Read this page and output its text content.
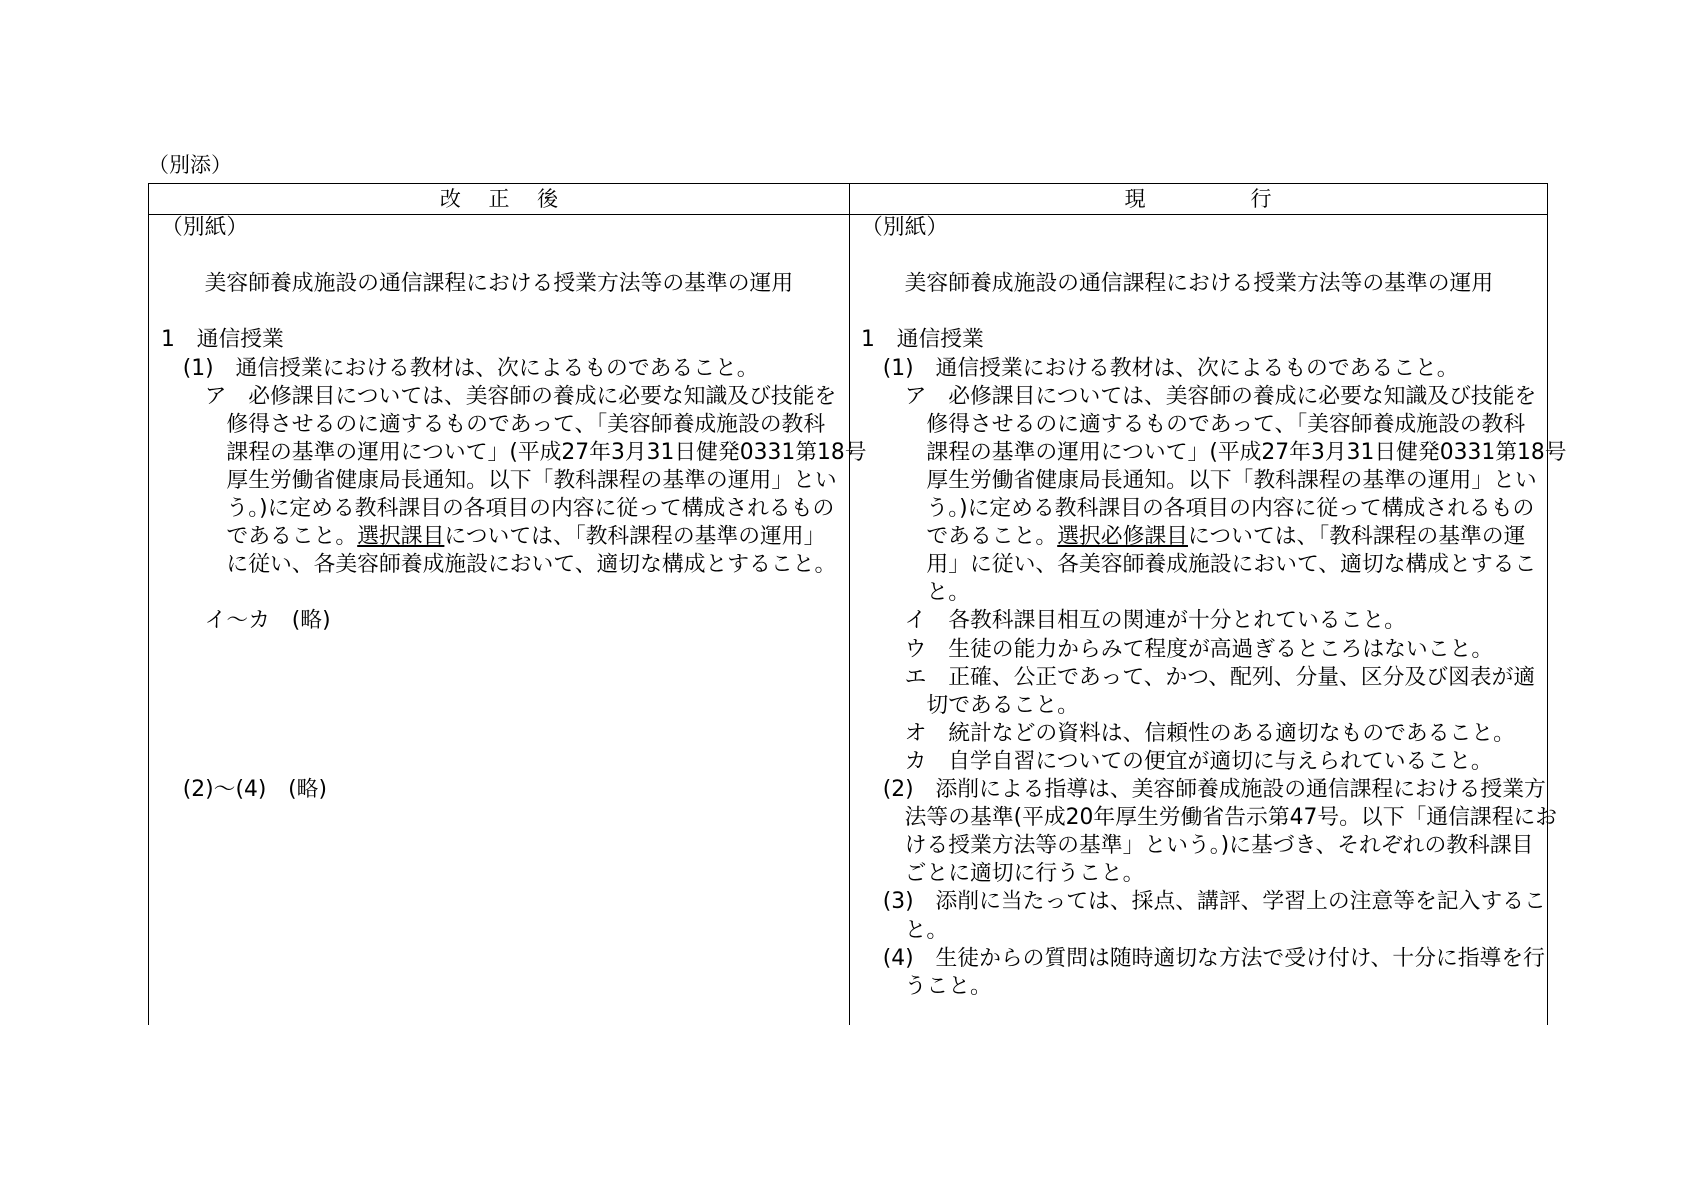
（別添）
改　 正　 後	現　　　　　行
（別紙）
美容師養成施設の通信課程における授業方法等の基準の運用
1　通信授業
(1)　通信授業における教材は、次によるものであること。
ア　必修課目については、美容師の養成に必要な知識及び技能を
修得させるのに適するものであって、「美容師養成施設の教科
課程の基準の運用について」(平成27年3月31日健発0331第18号
厚生労働省健康局長通知。以下「教科課程の基準の運用」とい
う。)に定める教科課目の各項目の内容に従って構成されるもの
であること。選択課目については、「教科課程の基準の運用」
に従い、各美容師養成施設において、適切な構成とすること。
イ～カ　(略)
(2)～(4)　(略)
（別紙）
美容師養成施設の通信課程における授業方法等の基準の運用
1　通信授業
(1)　通信授業における教材は、次によるものであること。
ア　必修課目については、美容師の養成に必要な知識及び技能を
修得させるのに適するものであって、「美容師養成施設の教科
課程の基準の運用について」(平成27年3月31日健発0331第18号
厚生労働省健康局長通知。以下「教科課程の基準の運用」とい
う。)に定める教科課目の各項目の内容に従って構成されるもの
であること。選択必修課目については、「教科課程の基準の運
用」に従い、各美容師養成施設において、適切な構成とするこ
と。
イ　各教科課目相互の関連が十分とれていること。
ウ　生徒の能力からみて程度が高過ぎるところはないこと。
エ　正確、公正であって、かつ、配列、分量、区分及び図表が適
切であること。
オ　統計などの資料は、信頼性のある適切なものであること。
カ　自学自習についての便宜が適切に与えられていること。
(2)　添削による指導は、美容師養成施設の通信課程における授業方
法等の基準(平成20年厚生労働省告示第47号。以下「通信課程にお
ける授業方法等の基準」という。)に基づき、それぞれの教科課目
ごとに適切に行うこと。
(3)　添削に当たっては、採点、講評、学習上の注意等を記入するこ
と。
(4)　生徒からの質問は随時適切な方法で受け付け、十分に指導を行
うこと。
